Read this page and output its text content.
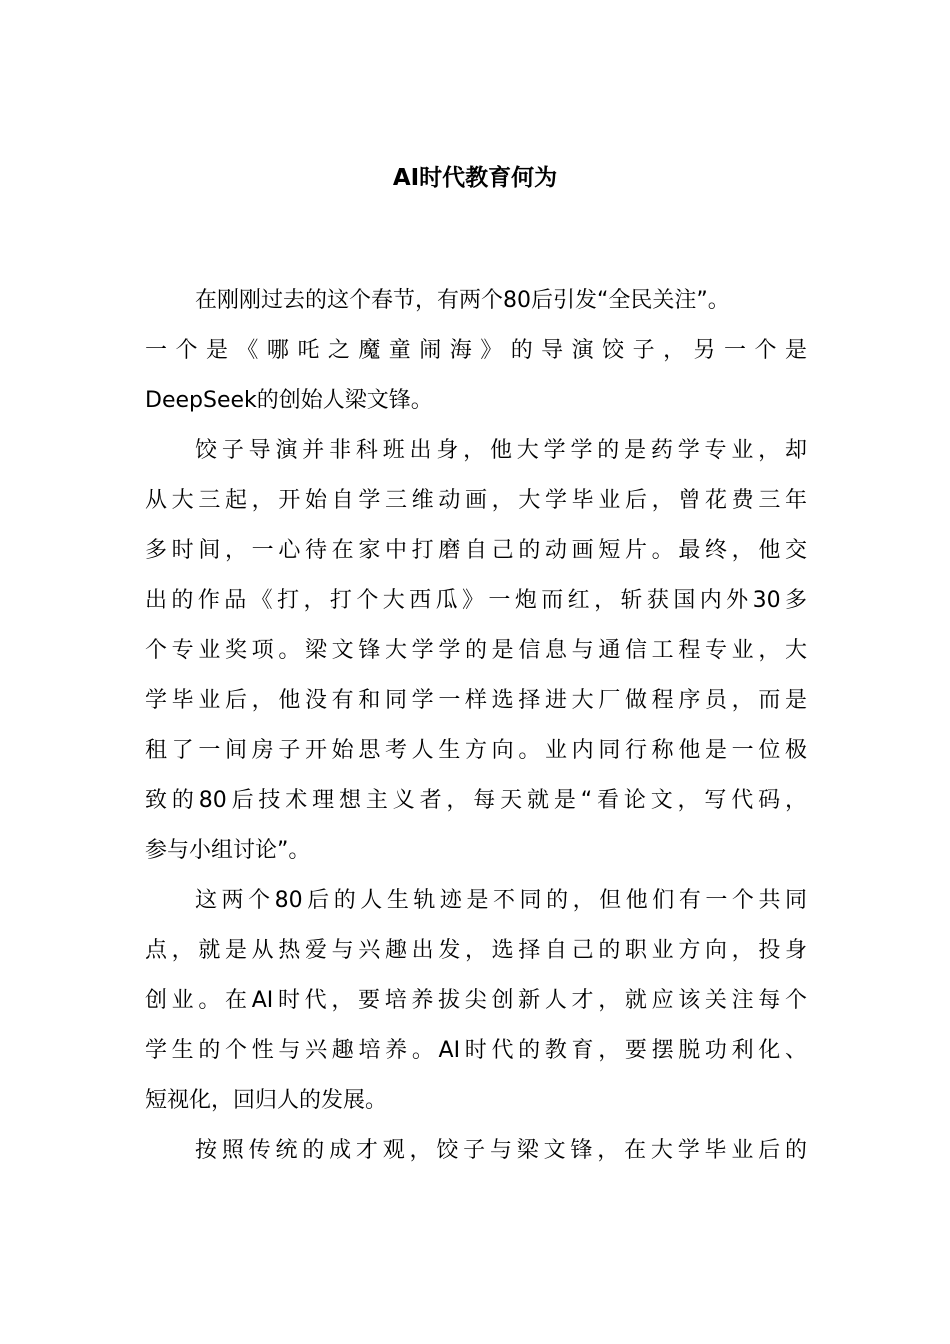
AI时代教育何为

在刚刚过去的这个春节，有两个80后引发“全民关注”。

一个是《哪吒之魔童闹海》的导演饺子，另一个是

DeepSeek的创始人梁文锋。

饺子导演并非科班出身，他大学学的是药学专业，却

从大三起，开始自学三维动画，大学毕业后，曾花费三年

多时间，一心待在家中打磨自己的动画短片。最终，他交

出的作品《打，打个大西瓜》一炮而红，斩获国内外30多

个专业奖项。梁文锋大学学的是信息与通信工程专业，大

学毕业后，他没有和同学一样选择进大厂做程序员，而是

租了一间房子开始思考人生方向。业内同行称他是一位极

致的80后技术理想主义者，每天就是“看论文，写代码，

参与小组讨论”。

这两个80后的人生轨迹是不同的，但他们有一个共同

点，就是从热爱与兴趣出发，选择自己的职业方向，投身

创业。在AI时代，要培养拔尖创新人才，就应该关注每个

学生的个性与兴趣培养。AI时代的教育，要摆脱功利化、

短视化，回归人的发展。

按照传统的成才观，饺子与梁文锋，在大学毕业后的
